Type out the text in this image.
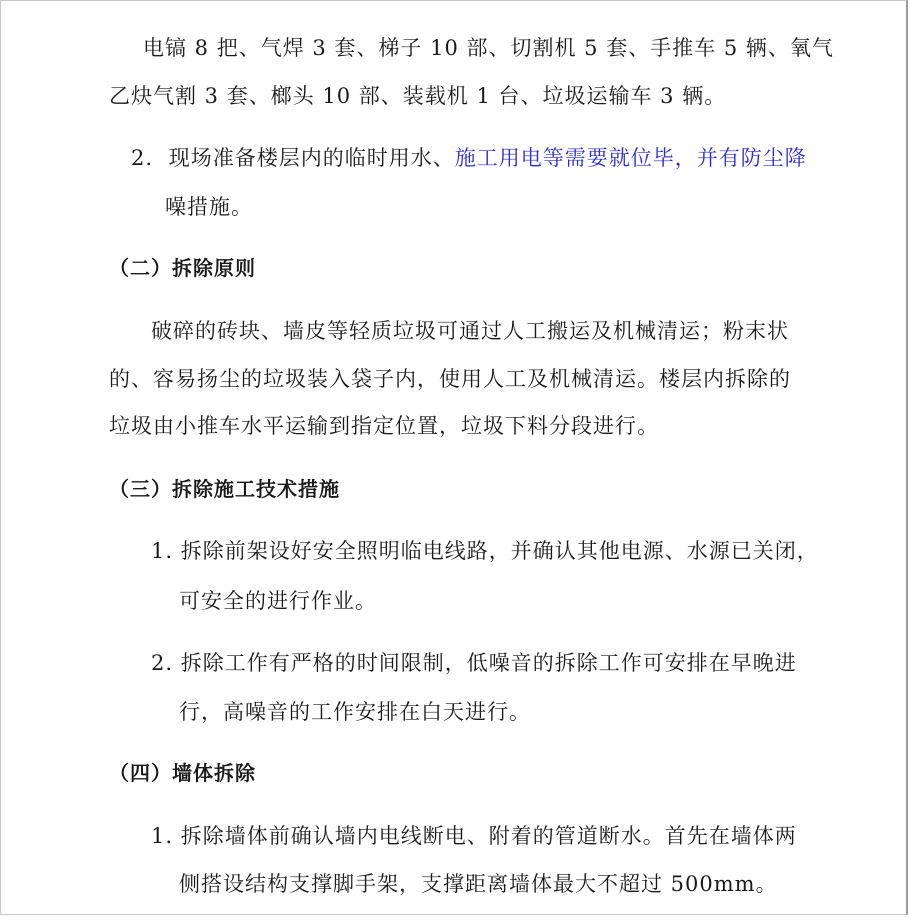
电镐 8 把、气焊 3 套、梯子 10 部、切割机 5 套、手推车 5 辆、氧气
乙炔气割 3 套、榔头 10 部、装载机 1 台、垃圾运输车 3 辆。
2. 现场准备楼层内的临时用水、施工用电等需要就位毕，并有防尘降
噪措施。
（二）拆除原则
破碎的砖块、墙皮等轻质垃圾可通过人工搬运及机械清运；粉末状
的、容易扬尘的垃圾装入袋子内，使用人工及机械清运。楼层内拆除的
垃圾由小推车水平运输到指定位置，垃圾下料分段进行。
（三）拆除施工技术措施
1. 拆除前架设好安全照明临电线路，并确认其他电源、水源已关闭，
可安全的进行作业。
2. 拆除工作有严格的时间限制，低噪音的拆除工作可安排在早晚进
行，高噪音的工作安排在白天进行。
（四）墙体拆除
1. 拆除墙体前确认墙内电线断电、附着的管道断水。首先在墙体两
侧搭设结构支撑脚手架，支撑距离墙体最大不超过 500mm。
